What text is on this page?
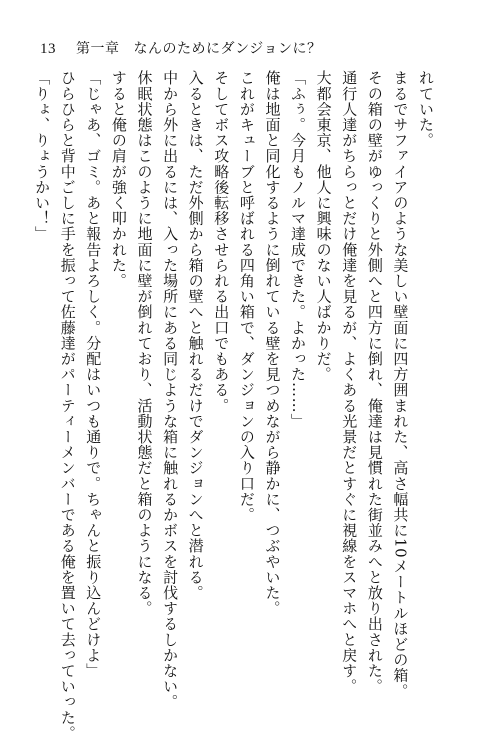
13 第一章 なんのためにダンジョンに？

れていた。

まるでサファイアのような美しい壁面に四方囲まれた、高さ幅共に10メートルほどの箱。

その箱の壁がゆっくりと外側へと四方に倒れ、俺達は見慣れた街並みへと放り出された。

通行人達がちらっとだけ俺達を見るが、よくある光景だとすぐに視線をスマホへと戻す。

大都会東京、他人に興味のない人ばかりだ。

「ふぅ。今月もノルマ達成できた。よかった……」

俺は地面と同化するように倒れている壁を見つめながら静かに、つぶやいた。

これがキューブと呼ばれる四角い箱で、ダンジョンの入り口だ。

そしてボス攻略後転移させられる出口でもある。

入るときは、ただ外側から箱の壁へと触れるだけでダンジョンへと潜れる。

中から外に出るには、入った場所にある同じような箱に触れるかボスを討伐するしかない。

休眠状態はこのように地面に壁が倒れており、活動状態だと箱のようになる。

すると俺の肩が強く叩かれた。

「じゃあ、ゴミ。あと報告よろしく。分配はいつも通りで。ちゃんと振り込んどけよ」

ひらひらと背中ごしに手を振って佐藤達がパーティーメンバーである俺を置いて去っていった。

「りょ、りょうかい！」
